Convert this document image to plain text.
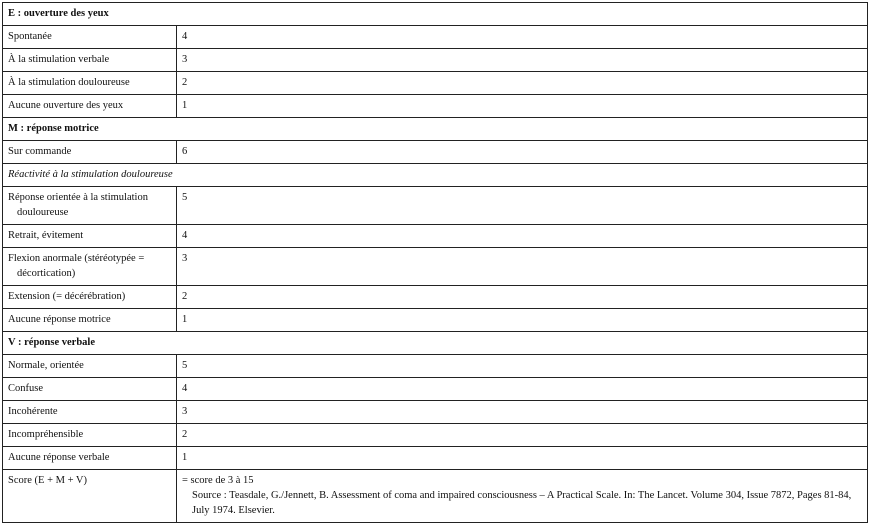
E : ouverture des yeux	
Spontanée	4
À la stimulation verbale	3
À la stimulation douloureuse	2
Aucune ouverture des yeux	1
M : réponse motrice	
Sur commande	6
Réactivité à la stimulation douloureuse	
Réponse orientée à la stimulation
douloureuse	5
Retrait, évitement	4
Flexion anormale (stéréotypée =
décortication)	3
Extension (= décérébration)	2
Aucune réponse motrice	1
V : réponse verbale	
Normale, orientée	5
Confuse	4
Incohérente	3
Incompréhensible	2
Aucune réponse verbale	1
Score (E + M + V)	= score de 3 à 15
Source : Teasdale, G./Jennett, B. Assessment of coma and impaired consciousness – A Practical Scale. In: The Lancet. Volume 304, Issue 7872, Pages 81-84, July 1974. Elsevier.
